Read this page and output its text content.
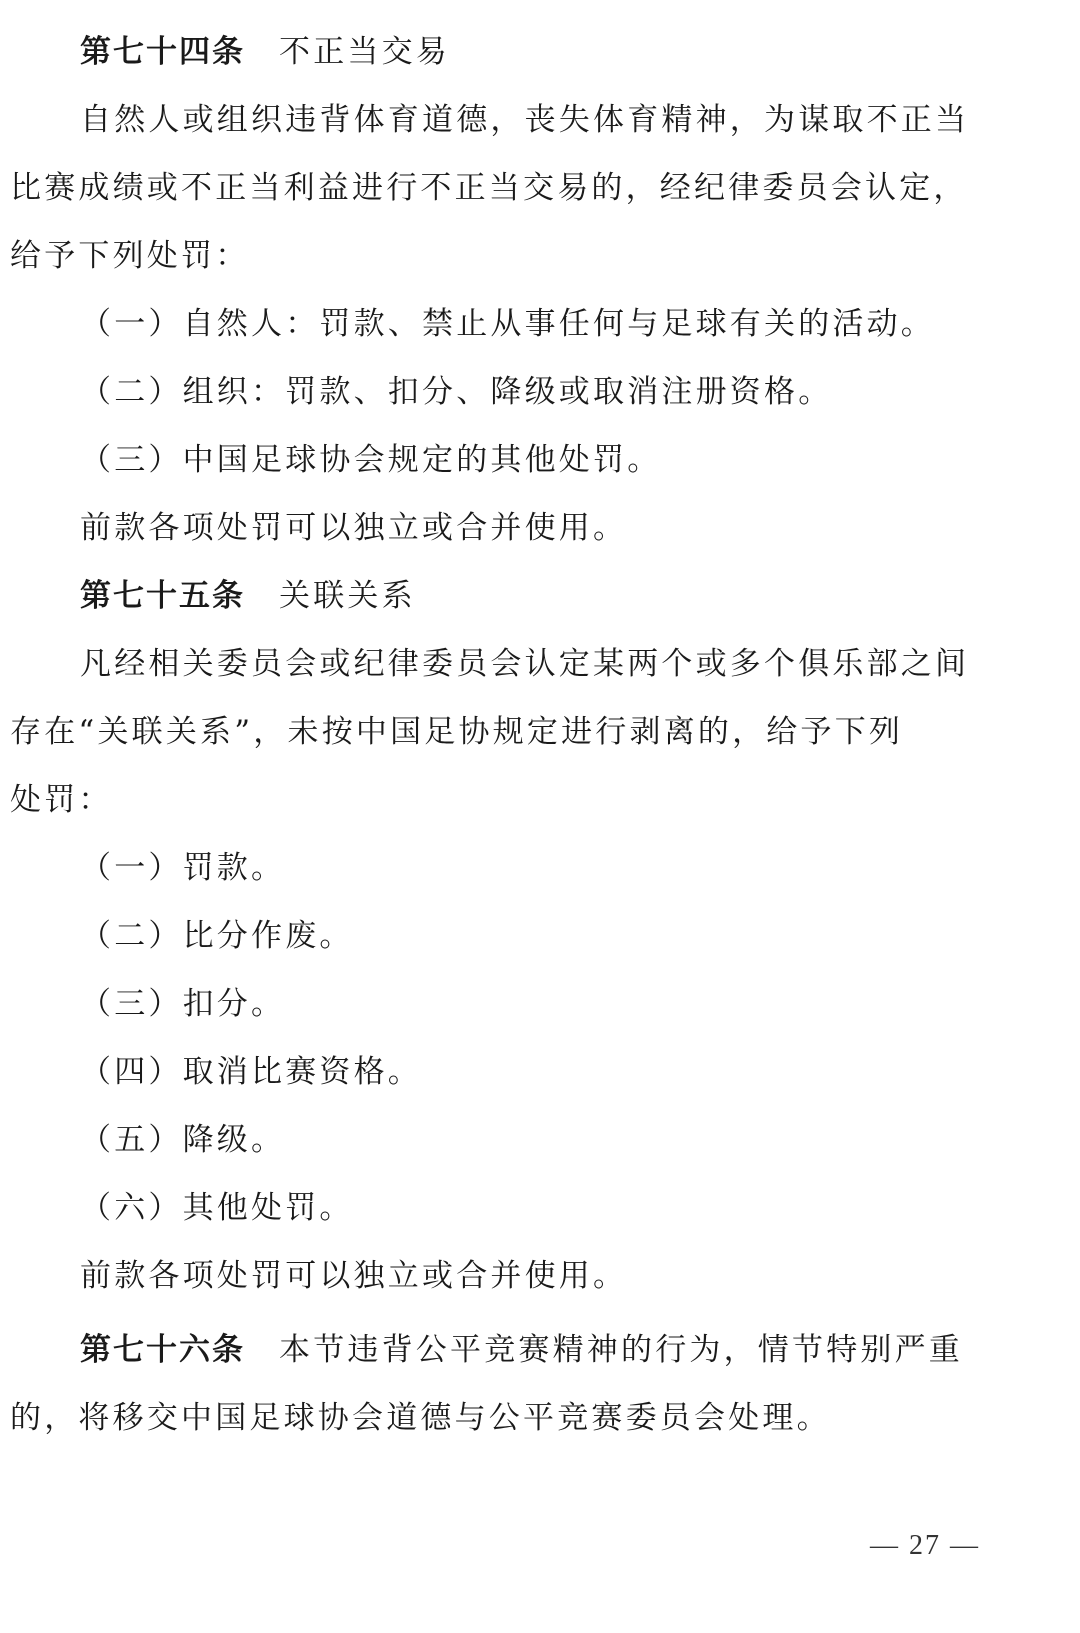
第七十四条 不正当交易
自然人或组织违背体育道德，丧失体育精神，为谋取不正当
比赛成绩或不正当利益进行不正当交易的，经纪律委员会认定，
给予下列处罚：
（一）自然人：罚款、禁止从事任何与足球有关的活动。
（二）组织：罚款、扣分、降级或取消注册资格。
（三）中国足球协会规定的其他处罚。
前款各项处罚可以独立或合并使用。
第七十五条 关联关系
凡经相关委员会或纪律委员会认定某两个或多个俱乐部之间
存在“关联关系”，未按中国足协规定进行剥离的，给予下列
处罚：
（一）罚款。
（二）比分作废。
（三）扣分。
（四）取消比赛资格。
（五）降级。
（六）其他处罚。
前款各项处罚可以独立或合并使用。
第七十六条 本节违背公平竞赛精神的行为，情节特别严重
的，将移交中国足球协会道德与公平竞赛委员会处理。
— 27 —
